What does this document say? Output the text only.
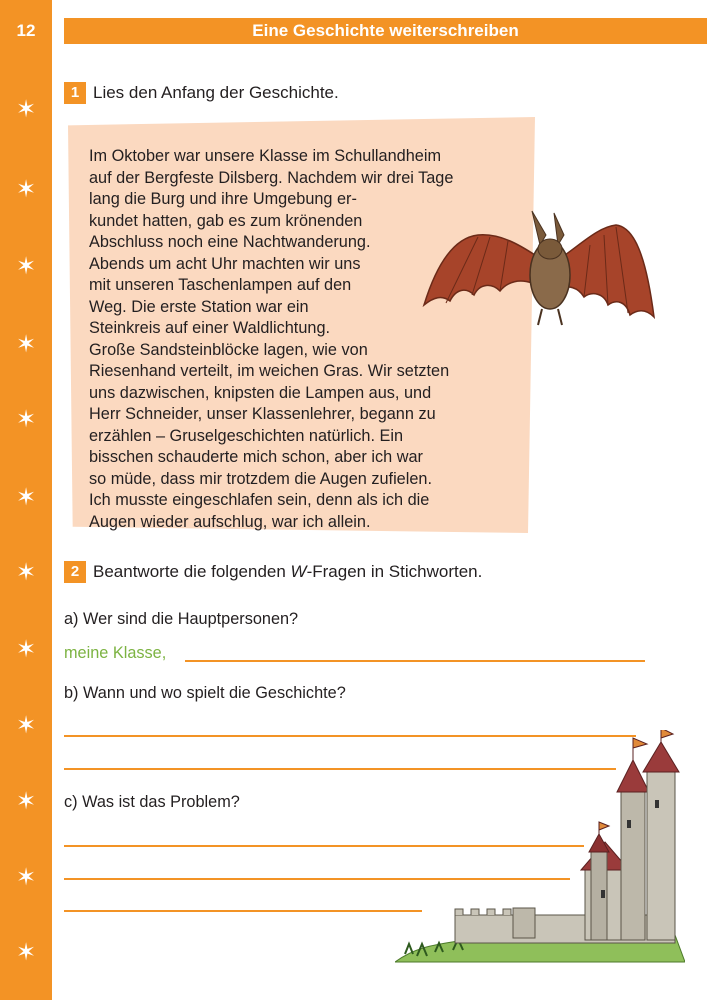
12	Eine Geschichte weiterschreiben
✶
✶
✶
✶
✶
✶
✶
✶
✶
✶
✶
✶
1 Lies den Anfang der Geschichte.
Im Oktober war unsere Klasse im Schullandheim
auf der Bergfeste Dilsberg. Nachdem wir drei Tage
lang die Burg und ihre Umgebung er-
kundet hatten, gab es zum krönenden
Abschluss noch eine Nachtwanderung.
Abends um acht Uhr machten wir uns
mit unseren Taschenlampen auf den
Weg. Die erste Station war ein
Steinkreis auf einer Waldlichtung.
Große Sandsteinblöcke lagen, wie von
Riesenhand verteilt, im weichen Gras. Wir setzten
uns dazwischen, knipsten die Lampen aus, und
Herr Schneider, unser Klassenlehrer, begann zu
erzählen – Gruselgeschichten natürlich. Ein
bisschen schauderte mich schon, aber ich war
so müde, dass mir trotzdem die Augen zufielen.
Ich musste eingeschlafen sein, denn als ich die
Augen wieder aufschlug, war ich allein.
2 Beantworte die folgenden W-Fragen in Stichworten.
a) Wer sind die Hauptpersonen?
meine Klasse,
b) Wann und wo spielt die Geschichte?
c) Was ist das Problem?
